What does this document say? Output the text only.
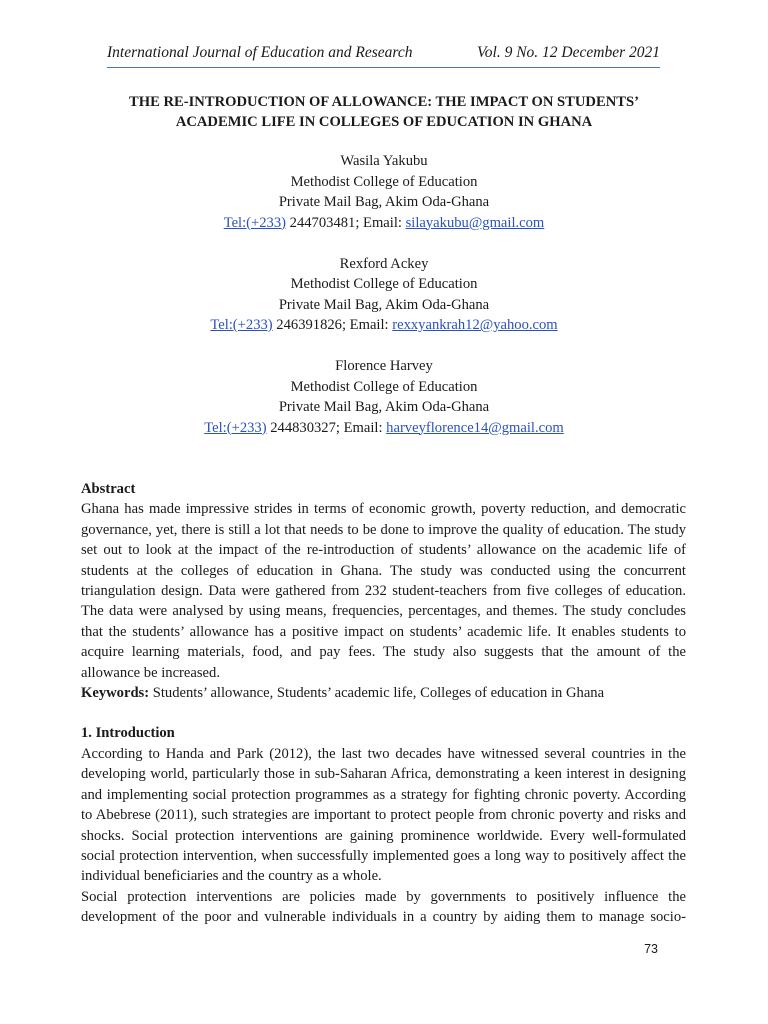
International Journal of Education and Research	Vol. 9 No. 12 December 2021
THE RE-INTRODUCTION OF ALLOWANCE: THE IMPACT ON STUDENTS’
ACADEMIC LIFE IN COLLEGES OF EDUCATION IN GHANA
Wasila Yakubu
Methodist College of Education
Private Mail Bag, Akim Oda-Ghana
Tel:(+233) 244703481; Email: silayakubu@gmail.com
Rexford Ackey
Methodist College of Education
Private Mail Bag, Akim Oda-Ghana
Tel:(+233) 246391826; Email: rexxyankrah12@yahoo.com
Florence Harvey
Methodist College of Education
Private Mail Bag, Akim Oda-Ghana
Tel:(+233) 244830327; Email: harveyflorence14@gmail.com
Abstract

Ghana has made impressive strides in terms of economic growth, poverty reduction, and democratic governance, yet, there is still a lot that needs to be done to improve the quality of education. The study set out to look at the impact of the re-introduction of students’ allowance on the academic life of students at the colleges of education in Ghana. The study was conducted using the concurrent triangulation design. Data were gathered from 232 student-teachers from five colleges of education. The data were analysed by using means, frequencies, percentages, and themes. The study concludes that the students’ allowance has a positive impact on students’ academic life. It enables students to acquire learning materials, food, and pay fees. The study also suggests that the amount of the allowance be increased.

Keywords: Students’ allowance, Students’ academic life, Colleges of education in Ghana

1. Introduction

According to Handa and Park (2012), the last two decades have witnessed several countries in the developing world, particularly those in sub-Saharan Africa, demonstrating a keen interest in designing and implementing social protection programmes as a strategy for fighting chronic poverty. According to Abebrese (2011), such strategies are important to protect people from chronic poverty and risks and shocks. Social protection interventions are gaining prominence worldwide. Every well-formulated social protection intervention, when successfully implemented goes a long way to positively affect the individual beneficiaries and the country as a whole.

Social protection interventions are policies made by governments to positively influence the development of the poor and vulnerable individuals in a country by aiding them to manage socio-

73
